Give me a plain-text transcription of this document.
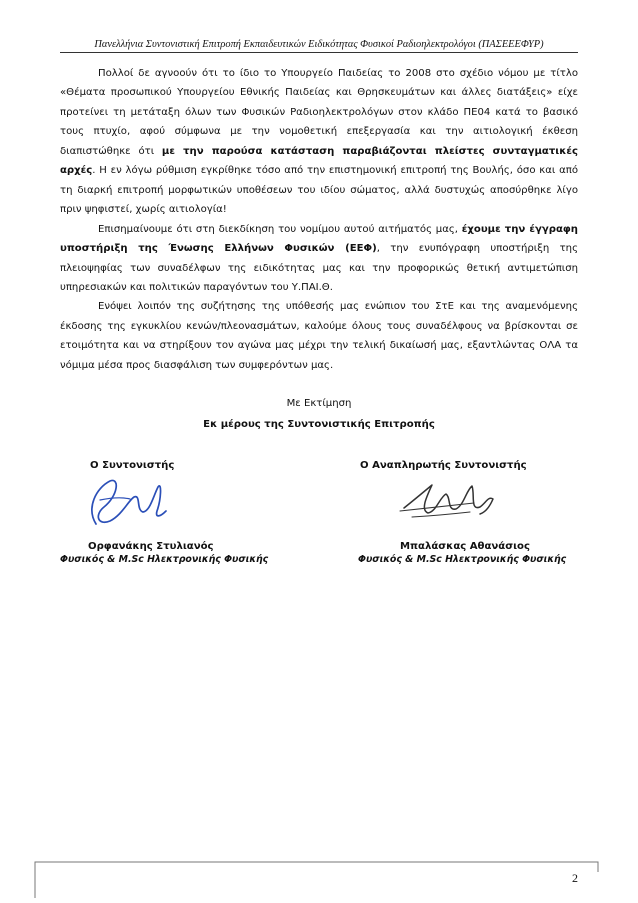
Πανελλήνια Συντονιστική Επιτροπή Εκπαιδευτικών Ειδικότητας Φυσικοί Ραδιοηλεκτρολόγοι (ΠΑΣΕΕΕΦΥΡ)

Πολλοί δε αγνοούν ότι το ίδιο το Υπουργείο Παιδείας το 2008 στο σχέδιο νόμου με τίτλο «Θέματα προσωπικού Υπουργείου Εθνικής Παιδείας και Θρησκευμάτων και άλλες διατάξεις» είχε προτείνει τη μετάταξη όλων των Φυσικών Ραδιοηλεκτρολόγων στον κλάδο ΠΕ04 κατά το βασικό τους πτυχίο, αφού σύμφωνα με την νομοθετική επεξεργασία και την αιτιολογική έκθεση διαπιστώθηκε ότι με την παρούσα κατάσταση παραβιάζονται πλείστες συνταγματικές αρχές. Η εν λόγω ρύθμιση εγκρίθηκε τόσο από την επιστημονική επιτροπή της Βουλής, όσο και από τη διαρκή επιτροπή μορφωτικών υποθέσεων του ιδίου σώματος, αλλά δυστυχώς αποσύρθηκε λίγο πριν ψηφιστεί, χωρίς αιτιολογία!

Επισημαίνουμε ότι στη διεκδίκηση του νομίμου αυτού αιτήματός μας, έχουμε την έγγραφη υποστήριξη της Ένωσης Ελλήνων Φυσικών (ΕΕΦ), την ενυπόγραφη υποστήριξη της πλειοψηφίας των συναδέλφων της ειδικότητας μας και την προφορικώς θετική αντιμετώπιση υπηρεσιακών και πολιτικών παραγόντων του Υ.ΠΑΙ.Θ.

Ενόψει λοιπόν της συζήτησης της υπόθεσής μας ενώπιον του ΣτΕ και της αναμενόμενης έκδοσης της εγκυκλίου κενών/πλεονασμάτων, καλούμε όλους τους συναδέλφους να βρίσκονται σε ετοιμότητα και να στηρίξουν τον αγώνα μας μέχρι την τελική δικαίωσή μας, εξαντλώντας ΟΛΑ τα νόμιμα μέσα προς διασφάλιση των συμφερόντων μας.

Με Εκτίμηση
Εκ μέρους της Συντονιστικής Επιτροπής
Ο Συντονιστής	Ο Αναπληρωτής Συντονιστής
Ορφανάκης Στυλιανός
Φυσικός & M.Sc Ηλεκτρονικής Φυσικής
Μπαλάσκας Αθανάσιος
Φυσικός & M.Sc Ηλεκτρονικής Φυσικής
2
